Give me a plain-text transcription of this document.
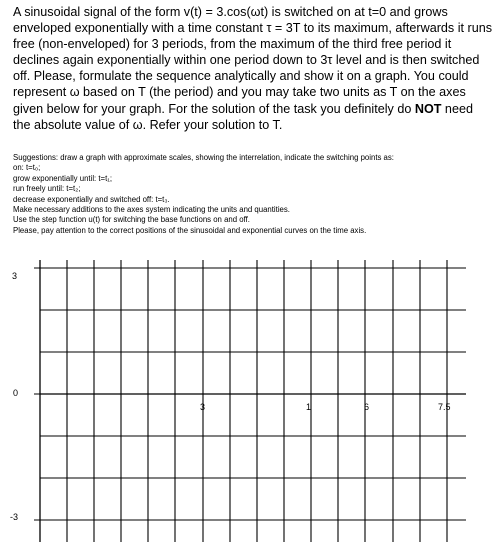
A sinusoidal signal of the form v(t) = 3.cos(ωt) is switched on at t=0 and grows enveloped exponentially with a time constant τ = 3T to its maximum, afterwards it runs free (non-enveloped) for 3 periods, from the maximum of the third free period it declines again exponentially within one period down to 3τ level and is then switched off. Please, formulate the sequence analytically and show it on a graph. You could represent ω based on T (the period) and you may take two units as T on the axes given below for your graph. For the solution of the task you definitely do NOT need the absolute value of ω. Refer your solution to T.

Suggestions: draw a graph with approximate scales, showing the interrelation, indicate the switching points as:
on: t=t₀;
grow exponentially until: t=t₁;
run freely until: t=t₂;
decrease exponentially and switched off: t=t₃.
Make necessary additions to the axes system indicating the units and quantities.
Use the step function u(t) for switching the base functions on and off.
Please, pay attention to the correct positions of the sinusoidal and exponential curves on the time axis.
3
0
-3
3	1	6	7.5
